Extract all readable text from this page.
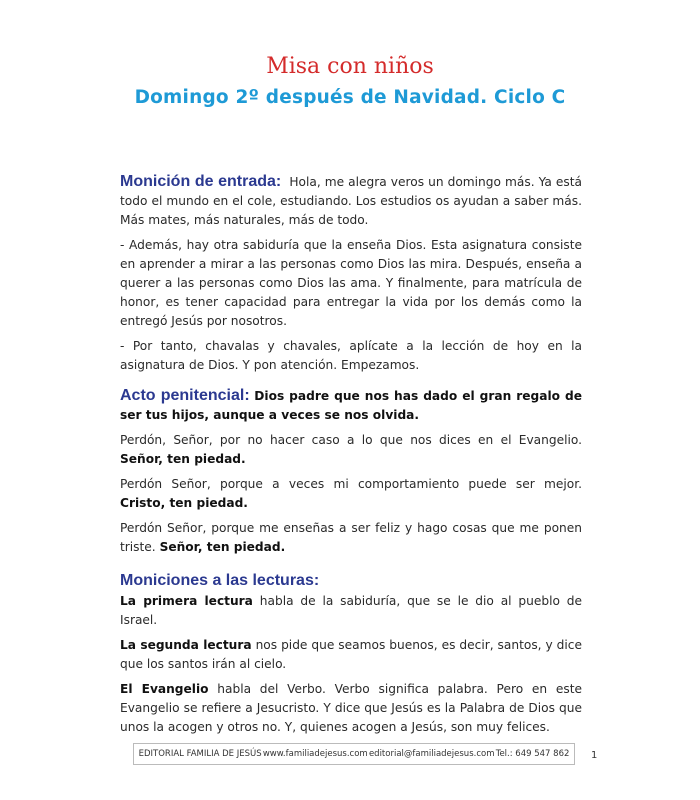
Misa con niños
Domingo 2º después de Navidad. Ciclo C

Monición de entrada: Hola, me alegra veros un domingo más. Ya está todo el mundo en el cole, estudiando. Los estudios os ayudan a saber más. Más mates, más naturales, más de todo.

- Además, hay otra sabiduría que la enseña Dios. Esta asignatura consiste en aprender a mirar a las personas como Dios las mira. Después, enseña a querer a las personas como Dios las ama. Y finalmente, para matrícula de honor, es tener capacidad para entregar la vida por los demás como la entregó Jesús por nosotros.

- Por tanto, chavalas y chavales, aplícate a la lección de hoy en la asignatura de Dios. Y pon atención. Empezamos.

Acto penitencial: Dios padre que nos has dado el gran regalo de ser tus hijos, aunque a veces se nos olvida.

Perdón, Señor, por no hacer caso a lo que nos dices en el Evangelio. Señor, ten piedad.

Perdón Señor, porque a veces mi comportamiento puede ser mejor. Cristo, ten piedad.

Perdón Señor, porque me enseñas a ser feliz y hago cosas que me ponen triste. Señor, ten piedad.

Moniciones a las lecturas:

La primera lectura habla de la sabiduría, que se le dio al pueblo de Israel.

La segunda lectura nos pide que seamos buenos, es decir, santos, y dice que los santos irán al cielo.

El Evangelio habla del Verbo. Verbo significa palabra. Pero en este Evangelio se refiere a Jesucristo. Y dice que Jesús es la Palabra de Dios que unos la acogen y otros no. Y, quienes acogen a Jesús, son muy felices.

EDITORIAL FAMILIA DE JESÚS www.familiadejesus.com editorial@familiadejesus.com Tel.: 649 547 862 1
